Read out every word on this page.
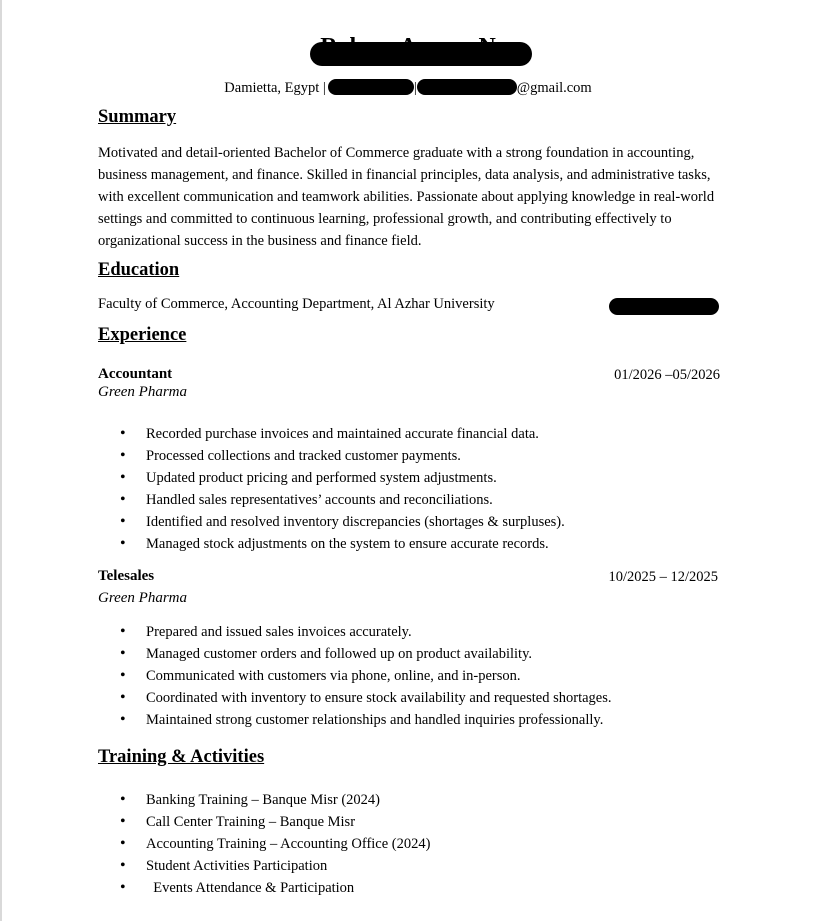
Damietta, Egypt |	|	@gmail.com
Summary
Motivated and detail-oriented Bachelor of Commerce graduate with a strong foundation in accounting,
business management, and finance. Skilled in financial principles, data analysis, and administrative tasks,
with excellent communication and teamwork abilities. Passionate about applying knowledge in real-world
settings and committed to continuous learning, professional growth, and contributing effectively to
organizational success in the business and finance field.
Education
Faculty of Commerce, Accounting Department, Al Azhar University
Experience
Accountant	01/2026 –05/2026
Green Pharma
• Recorded purchase invoices and maintained accurate financial data.
• Processed collections and tracked customer payments.
• Updated product pricing and performed system adjustments.
• Handled sales representatives’ accounts and reconciliations.
• Identified and resolved inventory discrepancies (shortages & surpluses).
• Managed stock adjustments on the system to ensure accurate records.
Telesales	10/2025 – 12/2025
Green Pharma
• Prepared and issued sales invoices accurately.
• Managed customer orders and followed up on product availability.
• Communicated with customers via phone, online, and in-person.
• Coordinated with inventory to ensure stock availability and requested shortages.
• Maintained strong customer relationships and handled inquiries professionally.
Training & Activities
• Banking Training – Banque Misr (2024)
• Call Center Training – Banque Misr
• Accounting Training – Accounting Office (2024)
• Student Activities Participation
•   Events Attendance & Participation
